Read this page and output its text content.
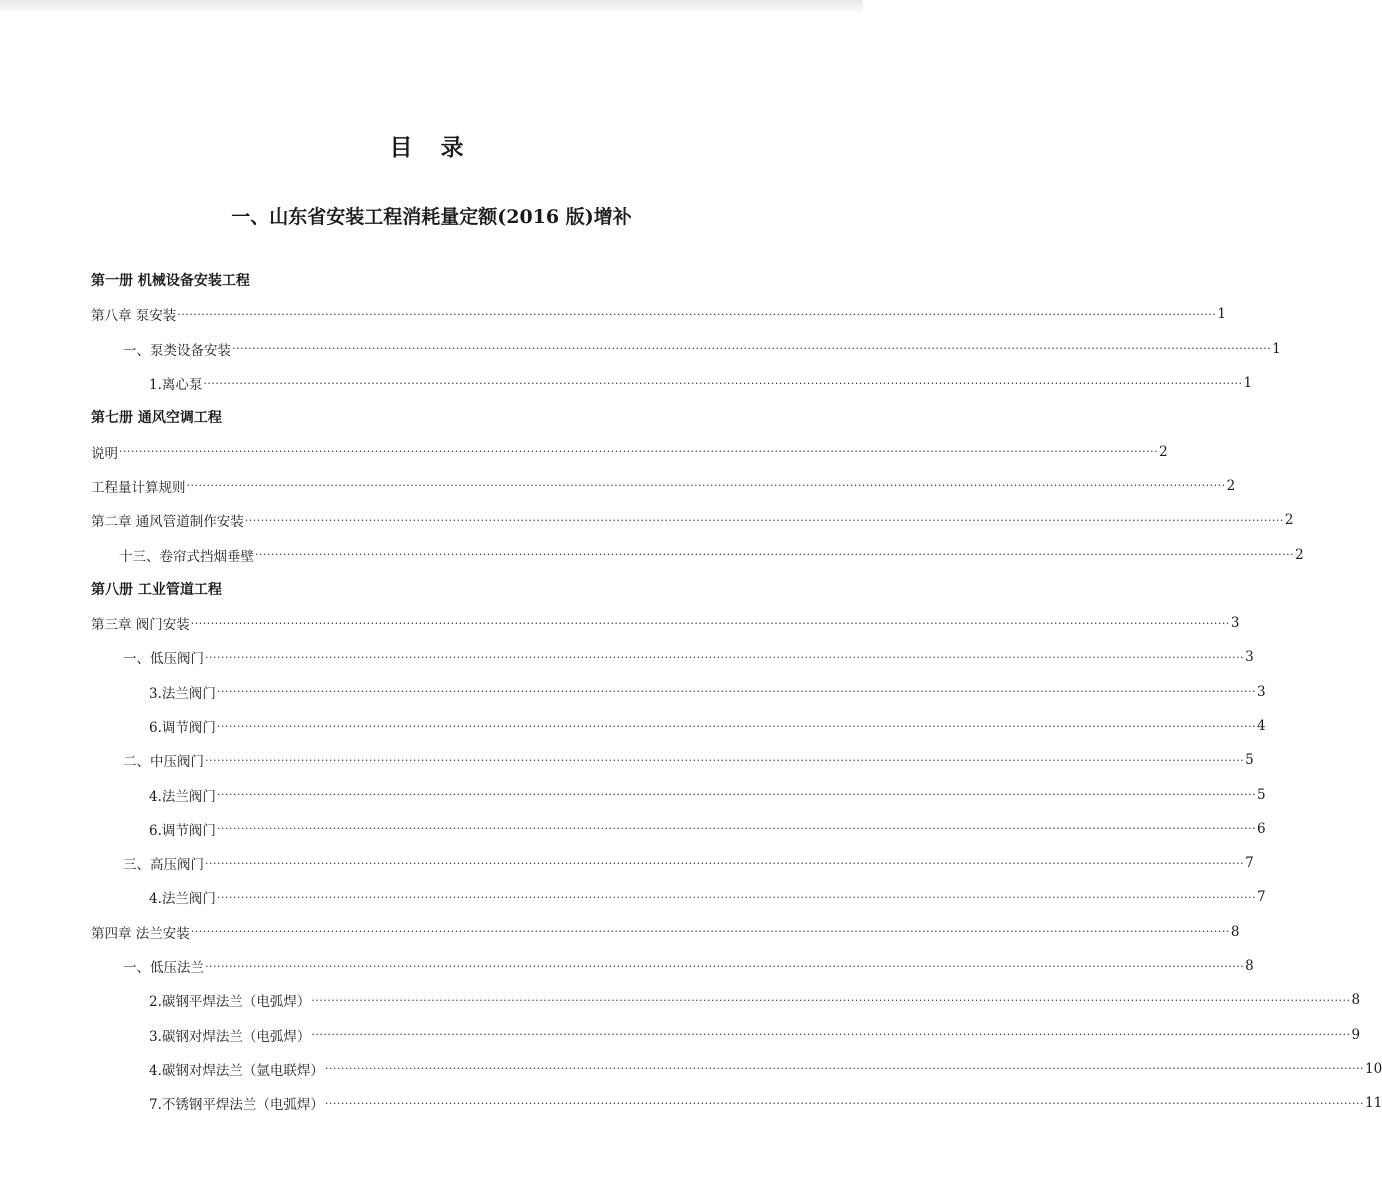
目 录
一、山东省安装工程消耗量定额(2016 版)增补
第一册 机械设备安装工程
第八章 泵安装 ···································································································································································································································································· 1
一、泵类设备安装 ···································································································································································································································································· 1
1.离心泵 ···································································································································································································································································· 1
第七册 通风空调工程
说明 ···································································································································································································································································· 2
工程量计算规则 ···································································································································································································································································· 2
第二章 通风管道制作安装 ···································································································································································································································································· 2
十三、卷帘式挡烟垂壁 ···································································································································································································································································· 2
第八册 工业管道工程
第三章 阀门安装 ···································································································································································································································································· 3
一、低压阀门 ···································································································································································································································································· 3
3.法兰阀门 ···································································································································································································································································· 3
6.调节阀门 ···································································································································································································································································· 4
二、中压阀门 ···································································································································································································································································· 5
4.法兰阀门 ···································································································································································································································································· 5
6.调节阀门 ···································································································································································································································································· 6
三、高压阀门 ···································································································································································································································································· 7
4.法兰阀门 ···································································································································································································································································· 7
第四章 法兰安装 ···································································································································································································································································· 8
一、低压法兰 ···································································································································································································································································· 8
2.碳钢平焊法兰（电弧焊） ···································································································································································································································································· 8
3.碳钢对焊法兰（电弧焊） ···································································································································································································································································· 9
4.碳钢对焊法兰（氩电联焊） ···································································································································································································································································· 10
7.不锈钢平焊法兰（电弧焊） ···································································································································································································································································· 11
